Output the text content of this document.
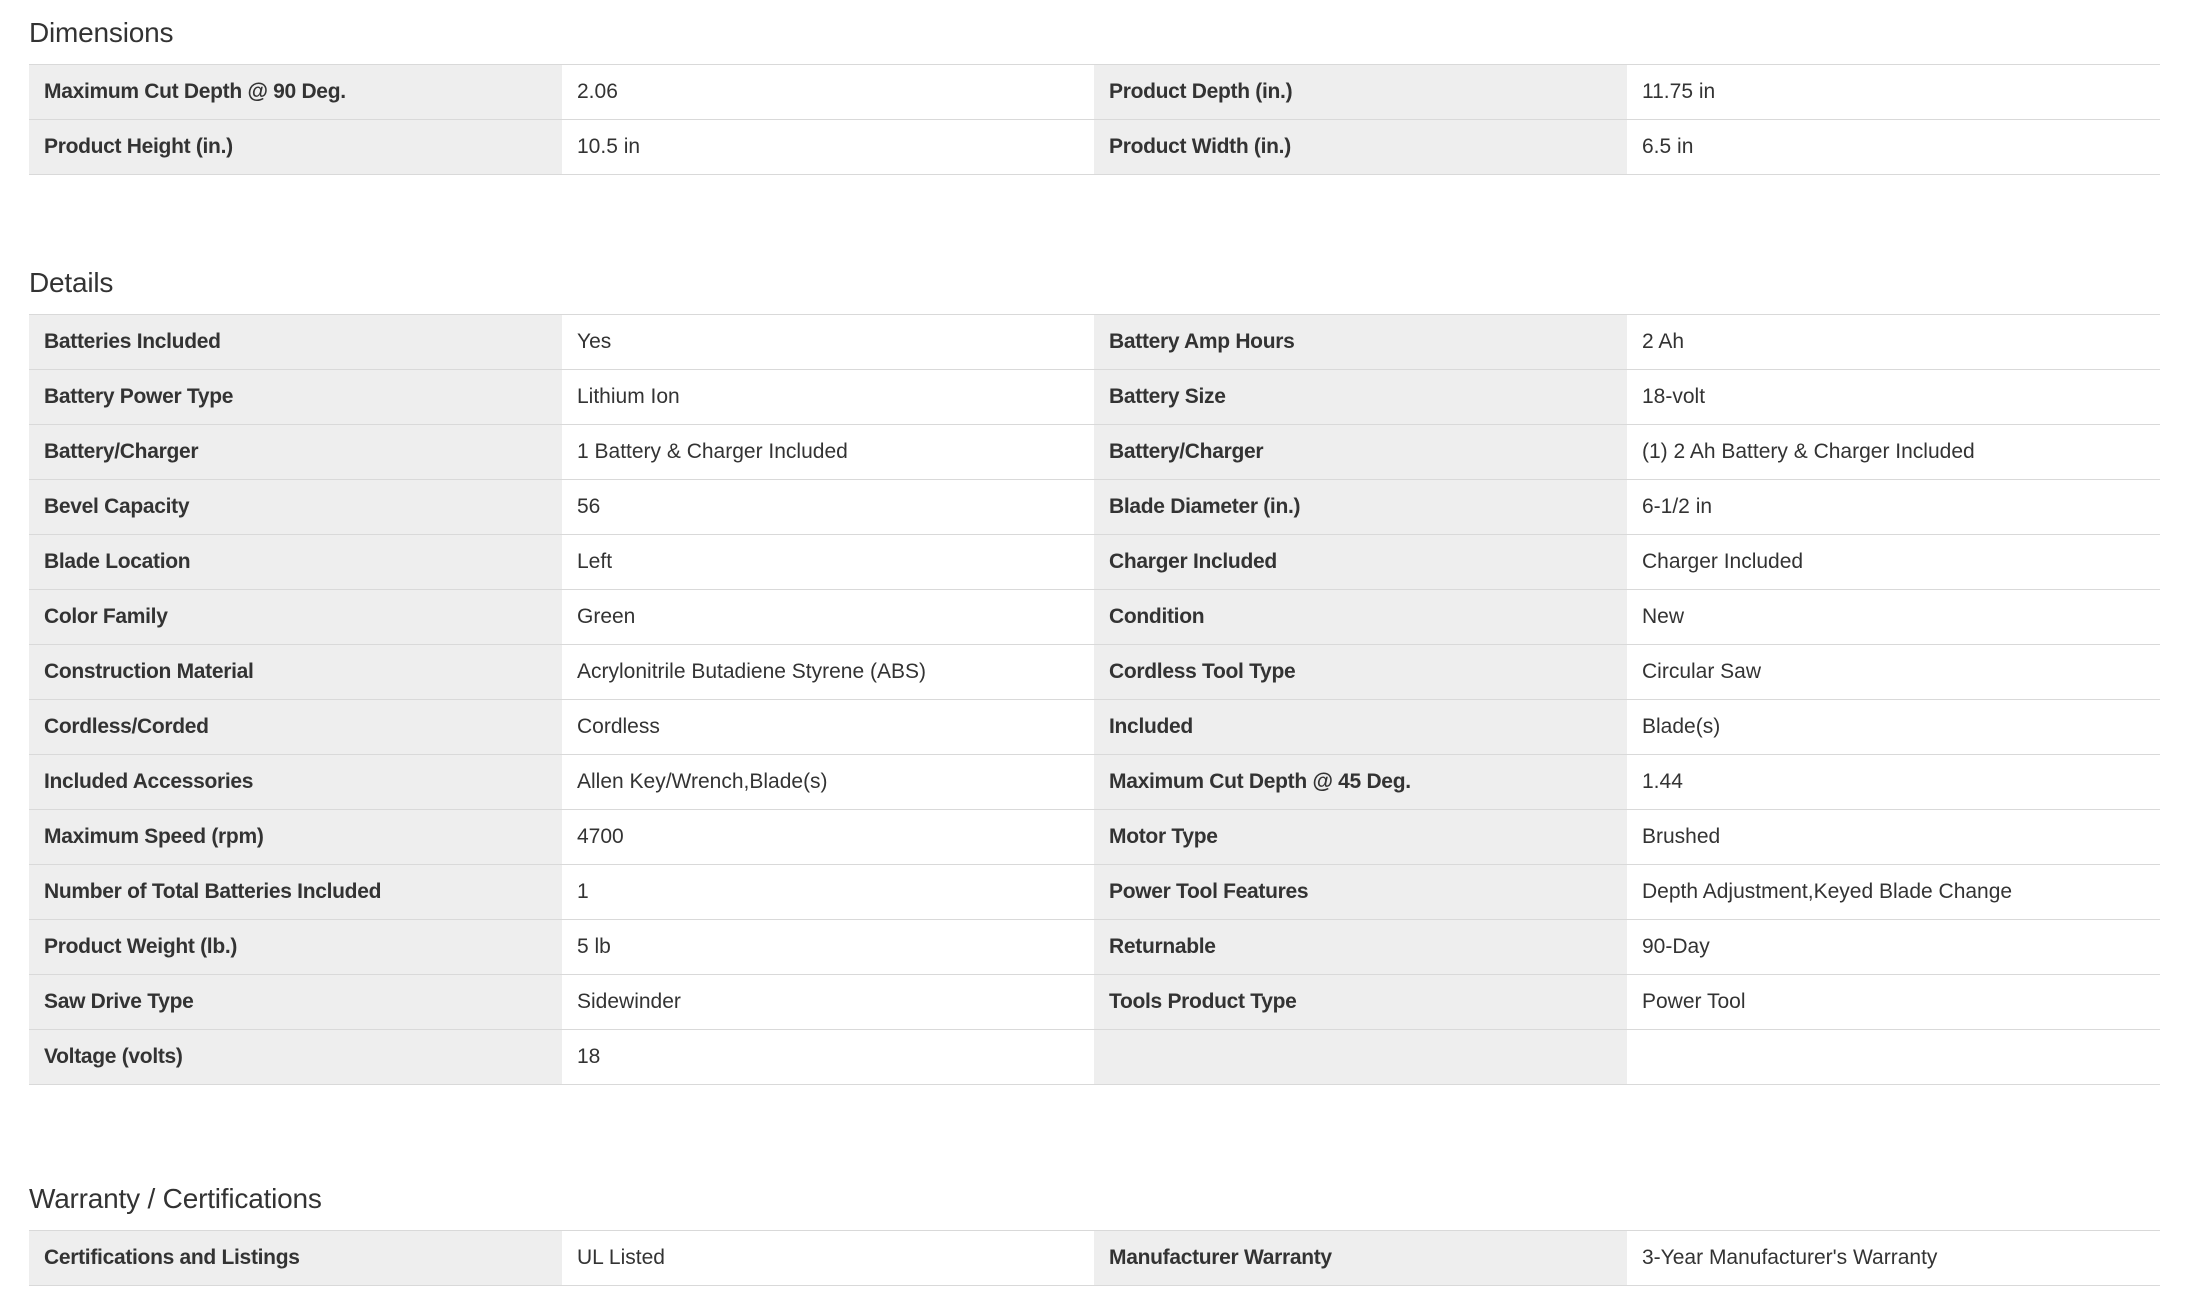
Dimensions
Maximum Cut Depth @ 90 Deg.	2.06	Product Depth (in.)	11.75 in
Product Height (in.)	10.5 in	Product Width (in.)	6.5 in
Details
Batteries Included	Yes	Battery Amp Hours	2 Ah
Battery Power Type	Lithium Ion	Battery Size	18-volt
Battery/Charger	1 Battery & Charger Included	Battery/Charger	(1) 2 Ah Battery & Charger Included
Bevel Capacity	56	Blade Diameter (in.)	6-1/2 in
Blade Location	Left	Charger Included	Charger Included
Color Family	Green	Condition	New
Construction Material	Acrylonitrile Butadiene Styrene (ABS)	Cordless Tool Type	Circular Saw
Cordless/Corded	Cordless	Included	Blade(s)
Included Accessories	Allen Key/Wrench,Blade(s)	Maximum Cut Depth @ 45 Deg.	1.44
Maximum Speed (rpm)	4700	Motor Type	Brushed
Number of Total Batteries Included	1	Power Tool Features	Depth Adjustment,Keyed Blade Change
Product Weight (lb.)	5 lb	Returnable	90-Day
Saw Drive Type	Sidewinder	Tools Product Type	Power Tool
Voltage (volts)	18		
Warranty / Certifications
Certifications and Listings	UL Listed	Manufacturer Warranty	3-Year Manufacturer's Warranty
